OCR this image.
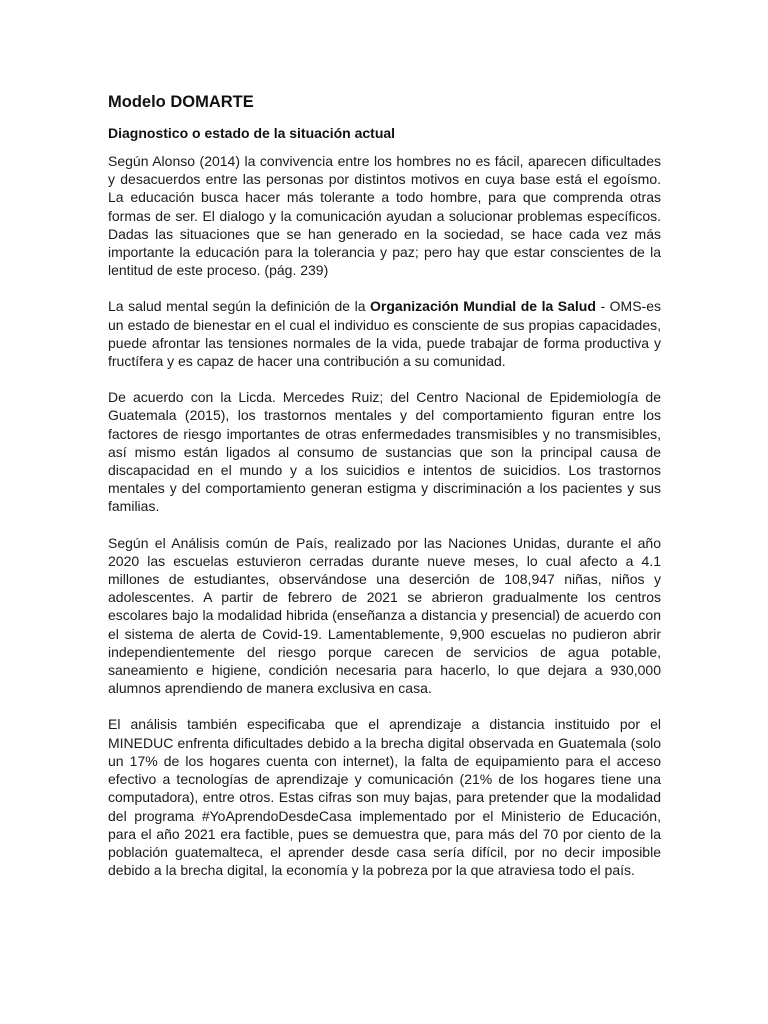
Modelo DOMARTE
Diagnostico o estado de la situación actual

Según Alonso (2014) la convivencia entre los hombres no es fácil, aparecen dificultades y desacuerdos entre las personas por distintos motivos en cuya base está el egoísmo. La educación busca hacer más tolerante a todo hombre, para que comprenda otras formas de ser. El dialogo y la comunicación ayudan a solucionar problemas específicos. Dadas las situaciones que se han generado en la sociedad, se hace cada vez más importante la educación para la tolerancia y paz; pero hay que estar conscientes de la lentitud de este proceso. (pág. 239)

La salud mental según la definición de la Organización Mundial de la Salud - OMS-es un estado de bienestar en el cual el individuo es consciente de sus propias capacidades, puede afrontar las tensiones normales de la vida, puede trabajar de forma productiva y fructífera y es capaz de hacer una contribución a su comunidad.

De acuerdo con la Licda. Mercedes Ruiz; del Centro Nacional de Epidemiología de Guatemala (2015), los trastornos mentales y del comportamiento figuran entre los factores de riesgo importantes de otras enfermedades transmisibles y no transmisibles, así mismo están ligados al consumo de sustancias que son la principal causa de discapacidad en el mundo y a los suicidios e intentos de suicidios. Los trastornos mentales y del comportamiento generan estigma y discriminación a los pacientes y sus familias.

Según el Análisis común de País, realizado por las Naciones Unidas, durante el año 2020 las escuelas estuvieron cerradas durante nueve meses, lo cual afecto a 4.1 millones de estudiantes, observándose una deserción de 108,947 niñas, niños y adolescentes. A partir de febrero de 2021 se abrieron gradualmente los centros escolares bajo la modalidad hibrida (enseñanza a distancia y presencial) de acuerdo con el sistema de alerta de Covid-19. Lamentablemente, 9,900 escuelas no pudieron abrir independientemente del riesgo porque carecen de servicios de agua potable, saneamiento e higiene, condición necesaria para hacerlo, lo que dejara a 930,000 alumnos aprendiendo de manera exclusiva en casa.

El análisis también especificaba que el aprendizaje a distancia instituido por el MINEDUC enfrenta dificultades debido a la brecha digital observada en Guatemala (solo un 17% de los hogares cuenta con internet), la falta de equipamiento para el acceso efectivo a tecnologías de aprendizaje y comunicación (21% de los hogares tiene una computadora), entre otros. Estas cifras son muy bajas, para pretender que la modalidad del programa #YoAprendoDesdeCasa implementado por el Ministerio de Educación, para el año 2021 era factible, pues se demuestra que, para más del 70 por ciento de la población guatemalteca, el aprender desde casa sería difícil, por no decir imposible debido a la brecha digital, la economía y la pobreza por la que atraviesa todo el país.
